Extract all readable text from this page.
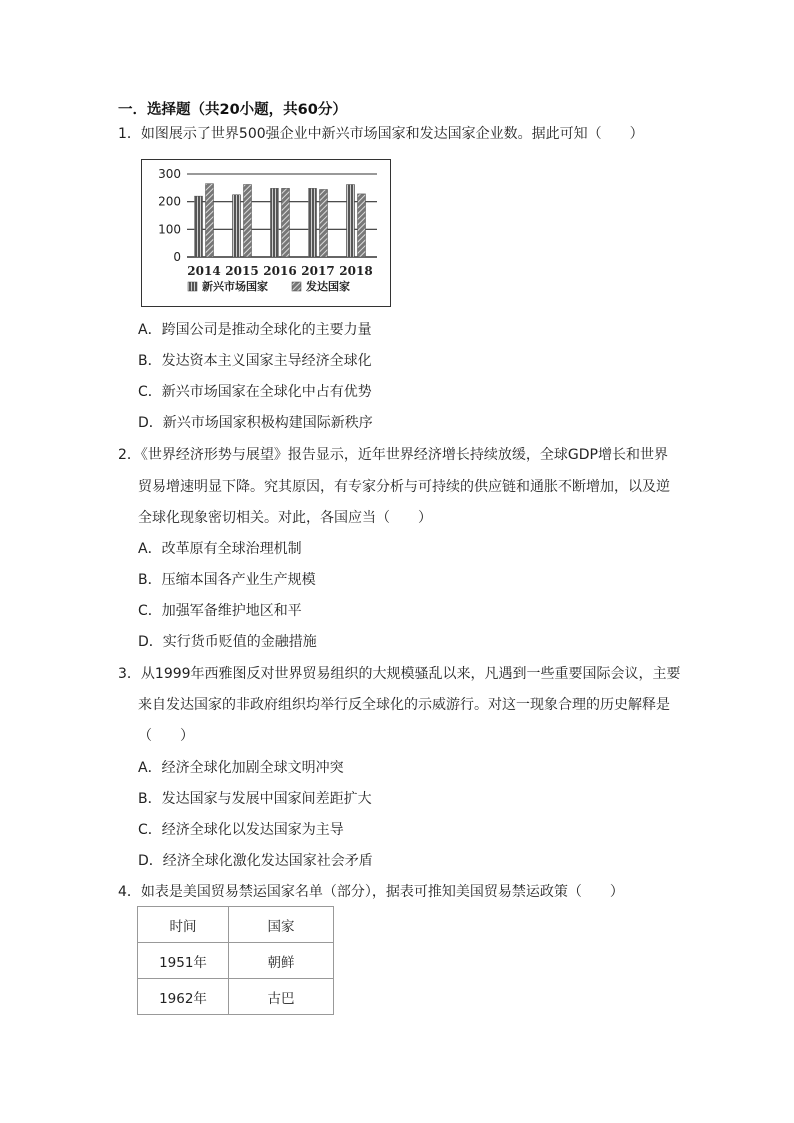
一．选择题（共20小题，共60分）
1．如图展示了世界500强企业中新兴市场国家和发达国家企业数。据此可知（　　）
0
100
200
300
2014 2015 2016 2017 2018
新兴市场国家	发达国家
A．跨国公司是推动全球化的主要力量
B．发达资本主义国家主导经济全球化
C．新兴市场国家在全球化中占有优势
D．新兴市场国家积极构建国际新秩序
2．《世界经济形势与展望》报告显示，近年世界经济增长持续放缓，全球GDP增长和世界
贸易增速明显下降。究其原因，有专家分析与可持续的供应链和通胀不断增加，以及逆
全球化现象密切相关。对此，各国应当（　　）
A．改革原有全球治理机制
B．压缩本国各产业生产规模
C．加强军备维护地区和平
D．实行货币贬值的金融措施
3．从1999年西雅图反对世界贸易组织的大规模骚乱以来，凡遇到一些重要国际会议，主要
来自发达国家的非政府组织均举行反全球化的示威游行。对这一现象合理的历史解释是
（　　）
A．经济全球化加剧全球文明冲突
B．发达国家与发展中国家间差距扩大
C．经济全球化以发达国家为主导
D．经济全球化激化发达国家社会矛盾
4．如表是美国贸易禁运国家名单（部分），据表可推知美国贸易禁运政策（　　）
时间	国家
1951年	朝鲜
1962年	古巴
